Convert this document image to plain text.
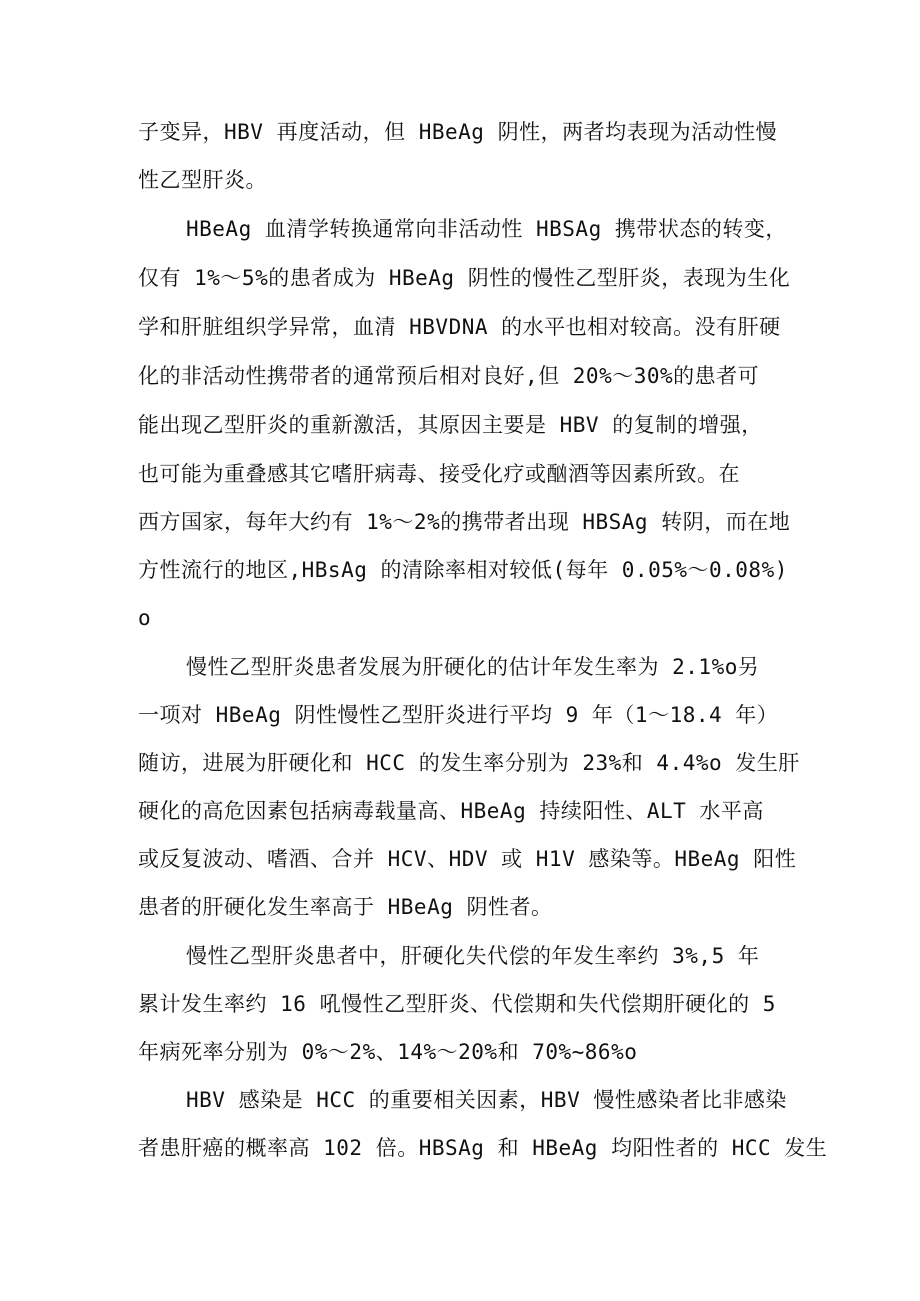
子变异，HBV 再度活动，但 HBeAg 阴性，两者均表现为活动性慢
性乙型肝炎。
HBeAg 血清学转换通常向非活动性 HBSAg 携带状态的转变，
仅有 1%～5%的患者成为 HBeAg 阴性的慢性乙型肝炎，表现为生化
学和肝脏组织学异常，血清 HBVDNA 的水平也相对较高。没有肝硬
化的非活动性携带者的通常预后相对良好,但 20%～30%的患者可
能出现乙型肝炎的重新激活，其原因主要是 HBV 的复制的增强，
也可能为重叠感其它嗜肝病毒、接受化疗或酗酒等因素所致。在
西方国家，每年大约有 1%～2%的携带者出现 HBSAg 转阴，而在地
方性流行的地区,HBsAg 的清除率相对较低(每年 0.05%～0.08%)
o
慢性乙型肝炎患者发展为肝硬化的估计年发生率为 2.1%o另
一项对 HBeAg 阴性慢性乙型肝炎进行平均 9 年（1～18.4 年）
随访，进展为肝硬化和 HCC 的发生率分别为 23%和 4.4%o 发生肝
硬化的高危因素包括病毒载量高、HBeAg 持续阳性、ALT 水平高
或反复波动、嗜酒、合并 HCV、HDV 或 H1V 感染等。HBeAg 阳性
患者的肝硬化发生率高于 HBeAg 阴性者。
慢性乙型肝炎患者中，肝硬化失代偿的年发生率约 3%,5 年
累计发生率约 16 吼慢性乙型肝炎、代偿期和失代偿期肝硬化的 5
年病死率分别为 0%～2%、14%～20%和 70%~86%o
HBV 感染是 HCC 的重要相关因素，HBV 慢性感染者比非感染
者患肝癌的概率高 102 倍。HBSAg 和 HBeAg 均阳性者的 HCC 发生
